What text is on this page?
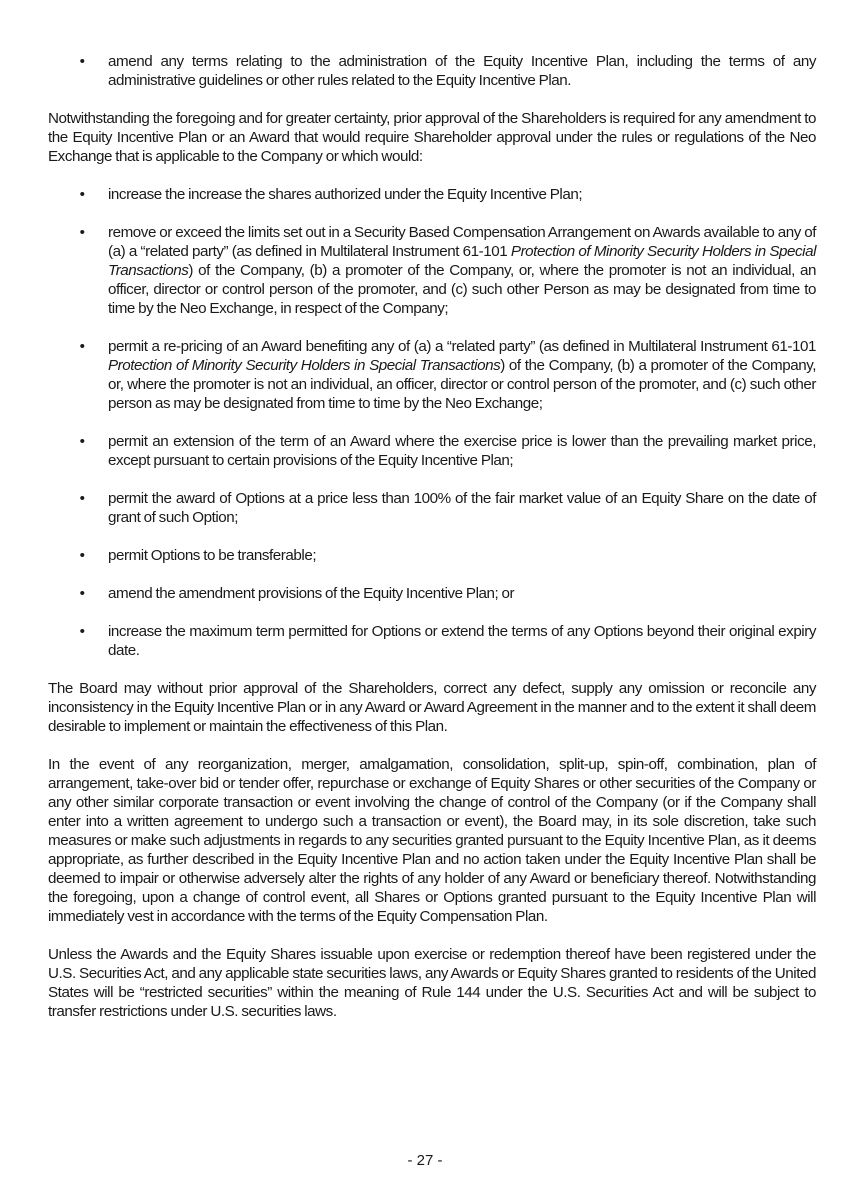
• amend any terms relating to the administration of the Equity Incentive Plan, including the terms of any administrative guidelines or other rules related to the Equity Incentive Plan.

Notwithstanding the foregoing and for greater certainty, prior approval of the Shareholders is required for any amendment to the Equity Incentive Plan or an Award that would require Shareholder approval under the rules or regulations of the Neo Exchange that is applicable to the Company or which would:

• increase the increase the shares authorized under the Equity Incentive Plan;
• remove or exceed the limits set out in a Security Based Compensation Arrangement on Awards available to any of (a) a “related party” (as defined in Multilateral Instrument 61-101 Protection of Minority Security Holders in Special Transactions) of the Company, (b) a promoter of the Company, or, where the promoter is not an individual, an officer, director or control person of the promoter, and (c) such other Person as may be designated from time to time by the Neo Exchange, in respect of the Company;
• permit a re-pricing of an Award benefiting any of (a) a “related party” (as defined in Multilateral Instrument 61-101 Protection of Minority Security Holders in Special Transactions) of the Company, (b) a promoter of the Company, or, where the promoter is not an individual, an officer, director or control person of the promoter, and (c) such other person as may be designated from time to time by the Neo Exchange;
• permit an extension of the term of an Award where the exercise price is lower than the prevailing market price, except pursuant to certain provisions of the Equity Incentive Plan;
• permit the award of Options at a price less than 100% of the fair market value of an Equity Share on the date of grant of such Option;
• permit Options to be transferable;
• amend the amendment provisions of the Equity Incentive Plan; or
• increase the maximum term permitted for Options or extend the terms of any Options beyond their original expiry date.

The Board may without prior approval of the Shareholders, correct any defect, supply any omission or reconcile any inconsistency in the Equity Incentive Plan or in any Award or Award Agreement in the manner and to the extent it shall deem desirable to implement or maintain the effectiveness of this Plan.

In the event of any reorganization, merger, amalgamation, consolidation, split-up, spin-off, combination, plan of arrangement, take-over bid or tender offer, repurchase or exchange of Equity Shares or other securities of the Company or any other similar corporate transaction or event involving the change of control of the Company (or if the Company shall enter into a written agreement to undergo such a transaction or event), the Board may, in its sole discretion, take such measures or make such adjustments in regards to any securities granted pursuant to the Equity Incentive Plan, as it deems appropriate, as further described in the Equity Incentive Plan and no action taken under the Equity Incentive Plan shall be deemed to impair or otherwise adversely alter the rights of any holder of any Award or beneficiary thereof. Notwithstanding the foregoing, upon a change of control event, all Shares or Options granted pursuant to the Equity Incentive Plan will immediately vest in accordance with the terms of the Equity Compensation Plan.

Unless the Awards and the Equity Shares issuable upon exercise or redemption thereof have been registered under the U.S. Securities Act, and any applicable state securities laws, any Awards or Equity Shares granted to residents of the United States will be “restricted securities” within the meaning of Rule 144 under the U.S. Securities Act and will be subject to transfer restrictions under U.S. securities laws.

- 27 -
